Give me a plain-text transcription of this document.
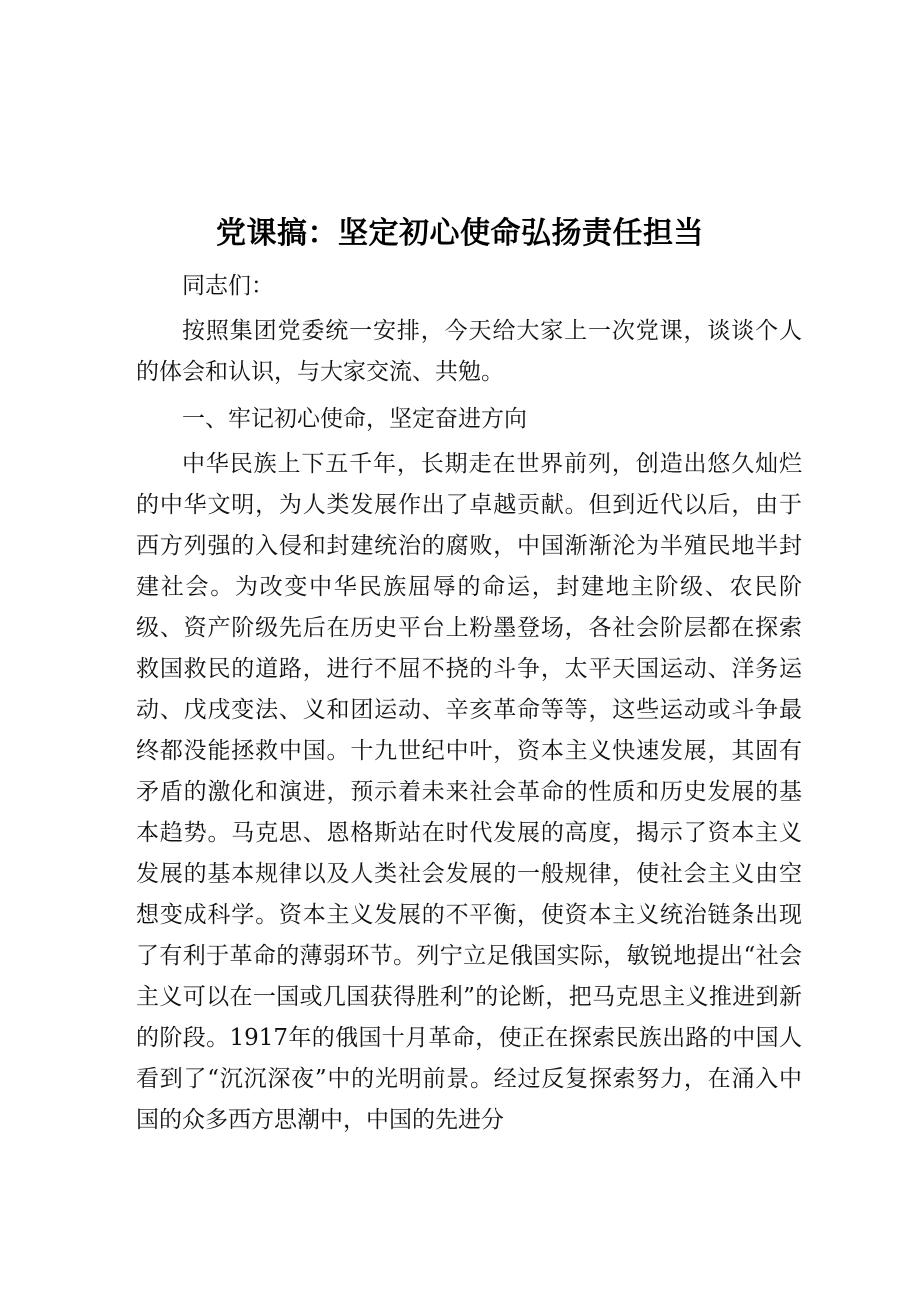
党课搞：坚定初心使命弘扬责任担当

同志们：

按照集团党委统一安排，今天给大家上一次党课，谈谈个人的体会和认识，与大家交流、共勉。

一、牢记初心使命，坚定奋进方向

中华民族上下五千年，长期走在世界前列，创造出悠久灿烂的中华文明，为人类发展作出了卓越贡献。但到近代以后，由于西方列强的入侵和封建统治的腐败，中国渐渐沦为半殖民地半封建社会。为改变中华民族屈辱的命运，封建地主阶级、农民阶级、资产阶级先后在历史平台上粉墨登场，各社会阶层都在探索救国救民的道路，进行不屈不挠的斗争，太平天国运动、洋务运动、戊戌变法、义和团运动、辛亥革命等等，这些运动或斗争最终都没能拯救中国。十九世纪中叶，资本主义快速发展，其固有矛盾的激化和演进，预示着未来社会革命的性质和历史发展的基本趋势。马克思、恩格斯站在时代发展的高度，揭示了资本主义发展的基本规律以及人类社会发展的一般规律，使社会主义由空想变成科学。资本主义发展的不平衡，使资本主义统治链条出现了有利于革命的薄弱环节。列宁立足俄国实际，敏锐地提出“社会主义可以在一国或几国获得胜利”的论断，把马克思主义推进到新的阶段。1917年的俄国十月革命，使正在探索民族出路的中国人看到了“沉沉深夜”中的光明前景。经过反复探索努力，在涌入中国的众多西方思潮中，中国的先进分
